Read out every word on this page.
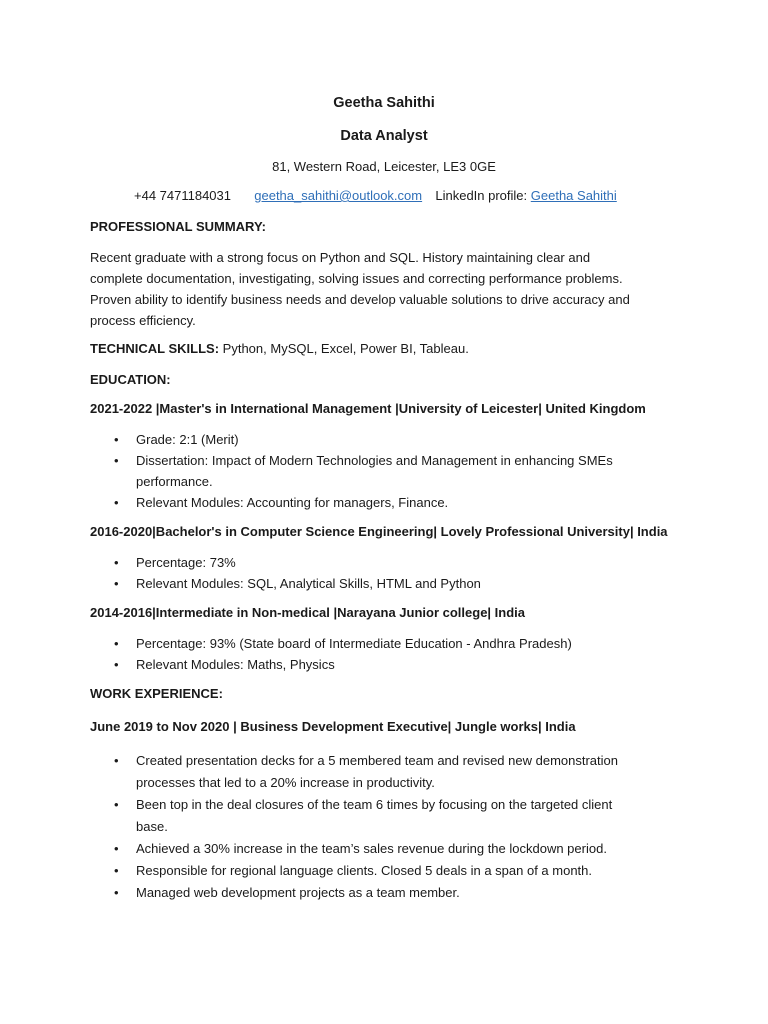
Geetha Sahithi
Data Analyst
81, Western Road, Leicester, LE3 0GE
+44 7471184031 geetha_sahithi@outlook.com LinkedIn profile: Geetha Sahithi
PROFESSIONAL SUMMARY:
Recent graduate with a strong focus on Python and SQL. History maintaining clear and
complete documentation, investigating, solving issues and correcting performance problems.
Proven ability to identify business needs and develop valuable solutions to drive accuracy and
process efficiency.
TECHNICAL SKILLS: Python, MySQL, Excel, Power BI, Tableau.
EDUCATION:
2021-2022 |Master's in International Management |University of Leicester| United Kingdom
• Grade: 2:1 (Merit)
• Dissertation: Impact of Modern Technologies and Management in enhancing SMEs
performance.
• Relevant Modules: Accounting for managers, Finance.
2016-2020|Bachelor's in Computer Science Engineering| Lovely Professional University| India
• Percentage: 73%
• Relevant Modules: SQL, Analytical Skills, HTML and Python
2014-2016|Intermediate in Non-medical |Narayana Junior college| India
• Percentage: 93% (State board of Intermediate Education - Andhra Pradesh)
• Relevant Modules: Maths, Physics
WORK EXPERIENCE:
June 2019 to Nov 2020 | Business Development Executive| Jungle works| India
• Created presentation decks for a 5 membered team and revised new demonstration
processes that led to a 20% increase in productivity.
• Been top in the deal closures of the team 6 times by focusing on the targeted client
base.
• Achieved a 30% increase in the team’s sales revenue during the lockdown period.
• Responsible for regional language clients. Closed 5 deals in a span of a month.
• Managed web development projects as a team member.
